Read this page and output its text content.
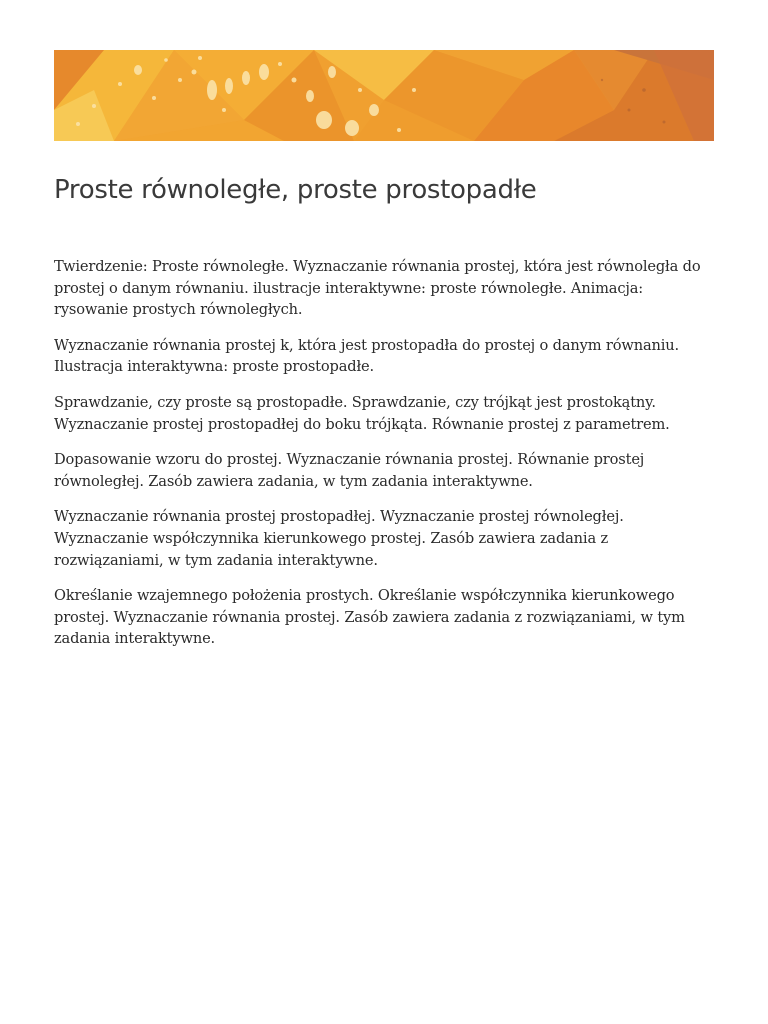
Proste równoległe, proste prostopadłe

Twierdzenie: Proste równoległe. Wyznaczanie równania prostej, która jest równoległa do prostej o danym równaniu. ilustracje interaktywne: proste równoległe. Animacja: rysowanie prostych równoległych.

Wyznaczanie równania prostej k, która jest prostopadła do prostej o danym równaniu. Ilustracja interaktywna: proste prostopadłe.

Sprawdzanie, czy proste są prostopadłe. Sprawdzanie, czy trójkąt jest prostokątny. Wyznaczanie prostej prostopadłej do boku trójkąta. Równanie prostej z parametrem.

Dopasowanie wzoru do prostej. Wyznaczanie równania prostej. Równanie prostej równoległej. Zasób zawiera zadania, w tym zadania interaktywne.

Wyznaczanie równania prostej prostopadłej. Wyznaczanie prostej równoległej. Wyznaczanie współczynnika kierunkowego prostej. Zasób zawiera zadania z rozwiązaniami, w tym zadania interaktywne.

Określanie wzajemnego położenia prostych. Określanie współczynnika kierunkowego prostej. Wyznaczanie równania prostej. Zasób zawiera zadania z rozwiązaniami, w tym zadania interaktywne.
